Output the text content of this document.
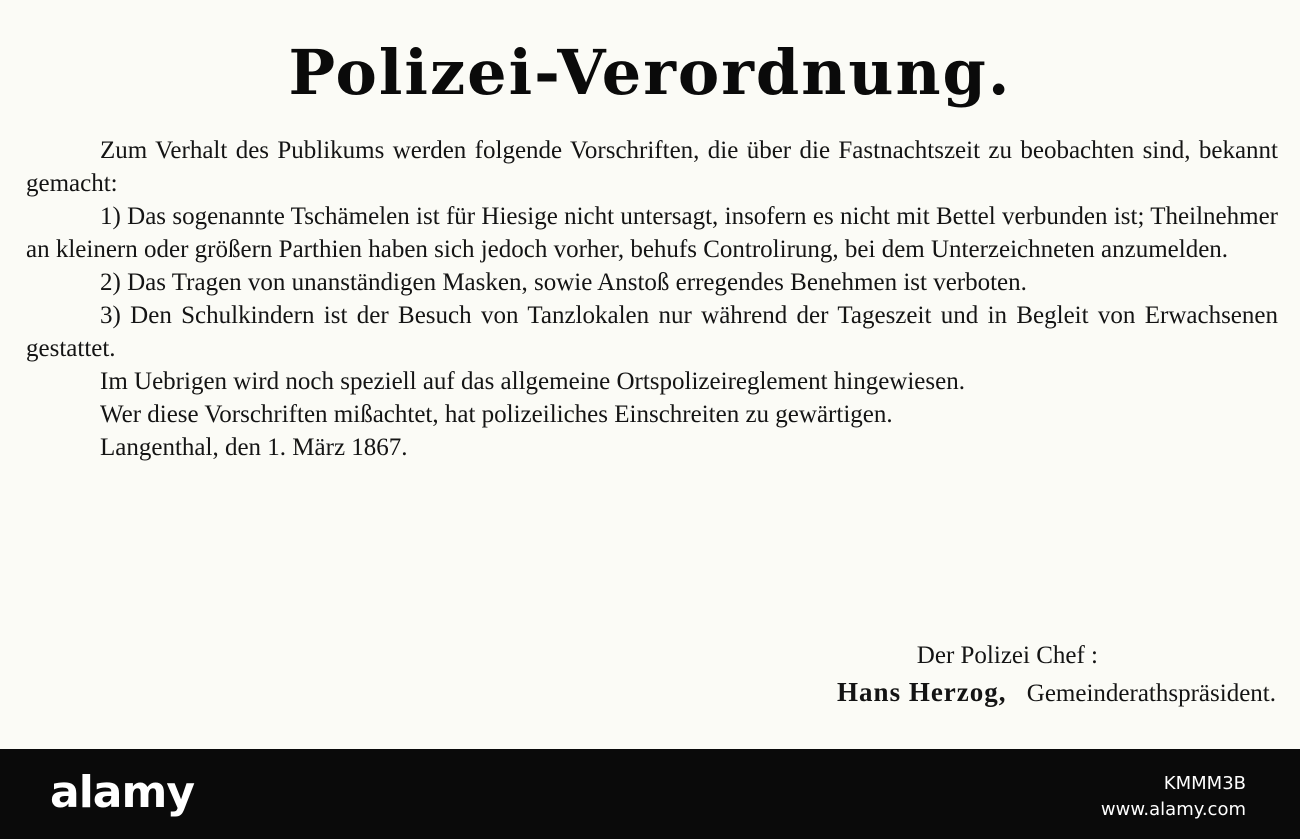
Polizei-Verordnung.

Zum Verhalt des Publikums werden folgende Vorschriften, die über die Fastnachtszeit zu beobachten sind, bekannt gemacht:

1) Das sogenannte Tschämelen ist für Hiesige nicht untersagt, insofern es nicht mit Bettel verbunden ist; Theilnehmer an kleinern oder größern Parthien haben sich jedoch vorher, behufs Controlirung, bei dem Unterzeichneten anzumelden.

2) Das Tragen von unanständigen Masken, sowie Anstoß erregendes Benehmen ist verboten.

3) Den Schulkindern ist der Besuch von Tanzlokalen nur während der Tageszeit und in Begleit von Erwachsenen gestattet.

Im Uebrigen wird noch speziell auf das allgemeine Ortspolizeireglement hingewiesen.

Wer diese Vorschriften mißachtet, hat polizeiliches Einschreiten zu gewärtigen.

Langenthal, den 1. März 1867.

Der Polizei Chef :
Hans Herzog, Gemeinderathspräsident.
alamy	KMMM3B
www.alamy.com
